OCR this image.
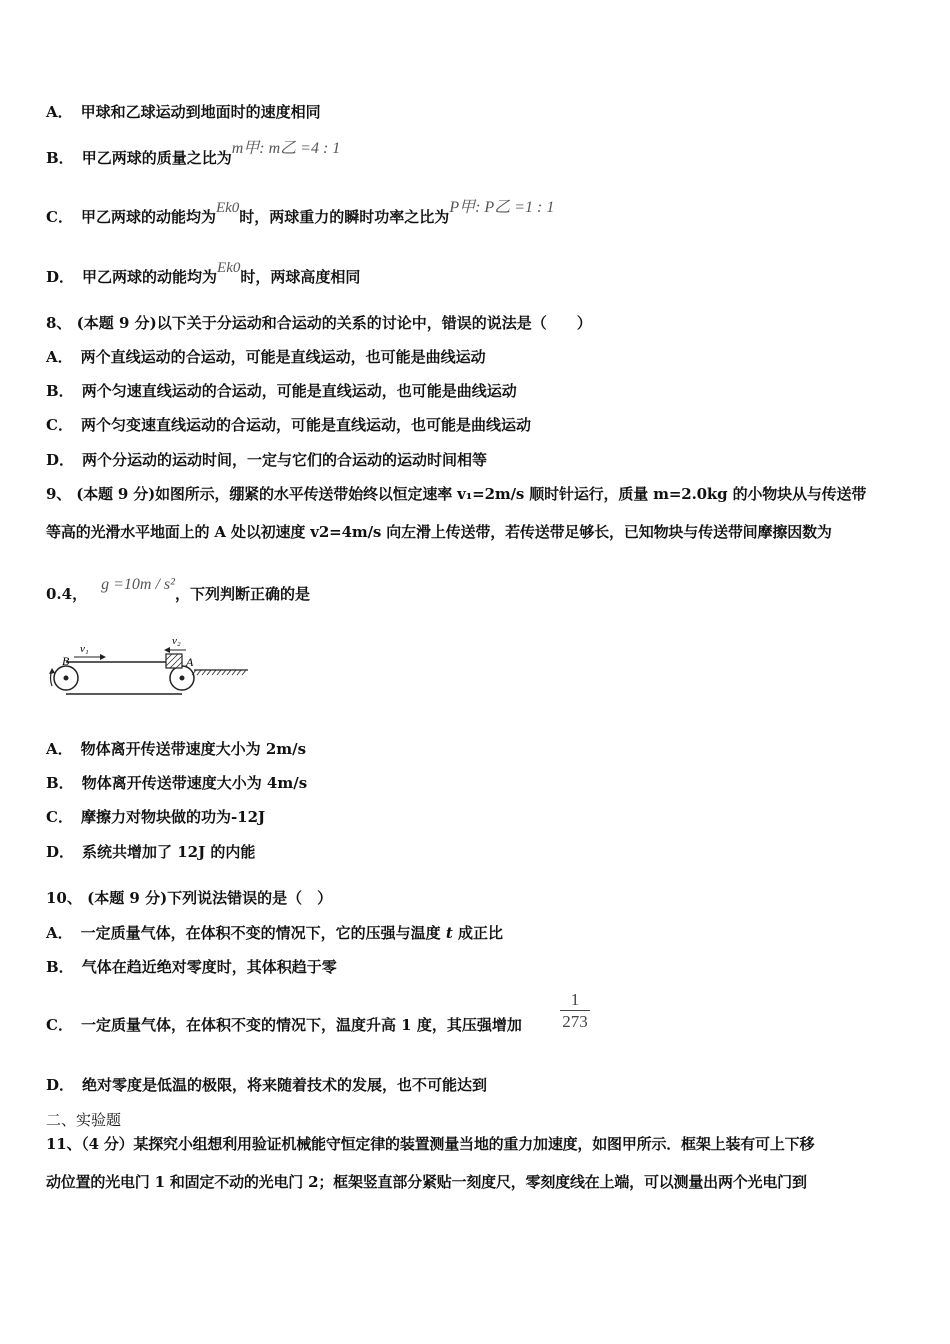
A． 甲球和乙球运动到地面时的速度相同
B． 甲乙两球的质量之比为m甲: m乙 =4 : 1
C． 甲乙两球的动能均为Ek0时，两球重力的瞬时功率之比为P甲: P乙 =1 : 1
D． 甲乙两球的动能均为Ek0时，两球高度相同
8、 (本题 9 分)以下关于分运动和合运动的关系的讨论中，错误的说法是（　　）
A． 两个直线运动的合运动，可能是直线运动，也可能是曲线运动
B． 两个匀速直线运动的合运动，可能是直线运动，也可能是曲线运动
C． 两个匀变速直线运动的合运动，可能是直线运动，也可能是曲线运动
D． 两个分运动的运动时间，一定与它们的合运动的运动时间相等
9、 (本题 9 分)如图所示，绷紧的水平传送带始终以恒定速率 v₁=2m/s 顺时针运行，质量 m=2.0kg 的小物块从与传送带
等高的光滑水平地面上的 A 处以初速度 v2=4m/s 向左滑上传送带，若传送带足够长，已知物块与传送带间摩擦因数为
0.4，g =10m / s²，下列判断正确的是
v₂
v₁
B	A
A． 物体离开传送带速度大小为 2m/s
B． 物体离开传送带速度大小为 4m/s
C． 摩擦力对物块做的功为-12J
D． 系统共增加了 12J 的内能
10、 (本题 9 分)下列说法错误的是（　）
A． 一定质量气体，在体积不变的情况下，它的压强与温度 t 成正比
B． 气体在趋近绝对零度时，其体积趋于零
C． 一定质量气体，在体积不变的情况下，温度升高 1 度，其压强增加
1
273
D． 绝对零度是低温的极限，将来随着技术的发展，也不可能达到
二、实验题
11、（4 分）某探究小组想利用验证机械能守恒定律的装置测量当地的重力加速度，如图甲所示．框架上装有可上下移
动位置的光电门 1 和固定不动的光电门 2；框架竖直部分紧贴一刻度尺，零刻度线在上端，可以测量出两个光电门到
